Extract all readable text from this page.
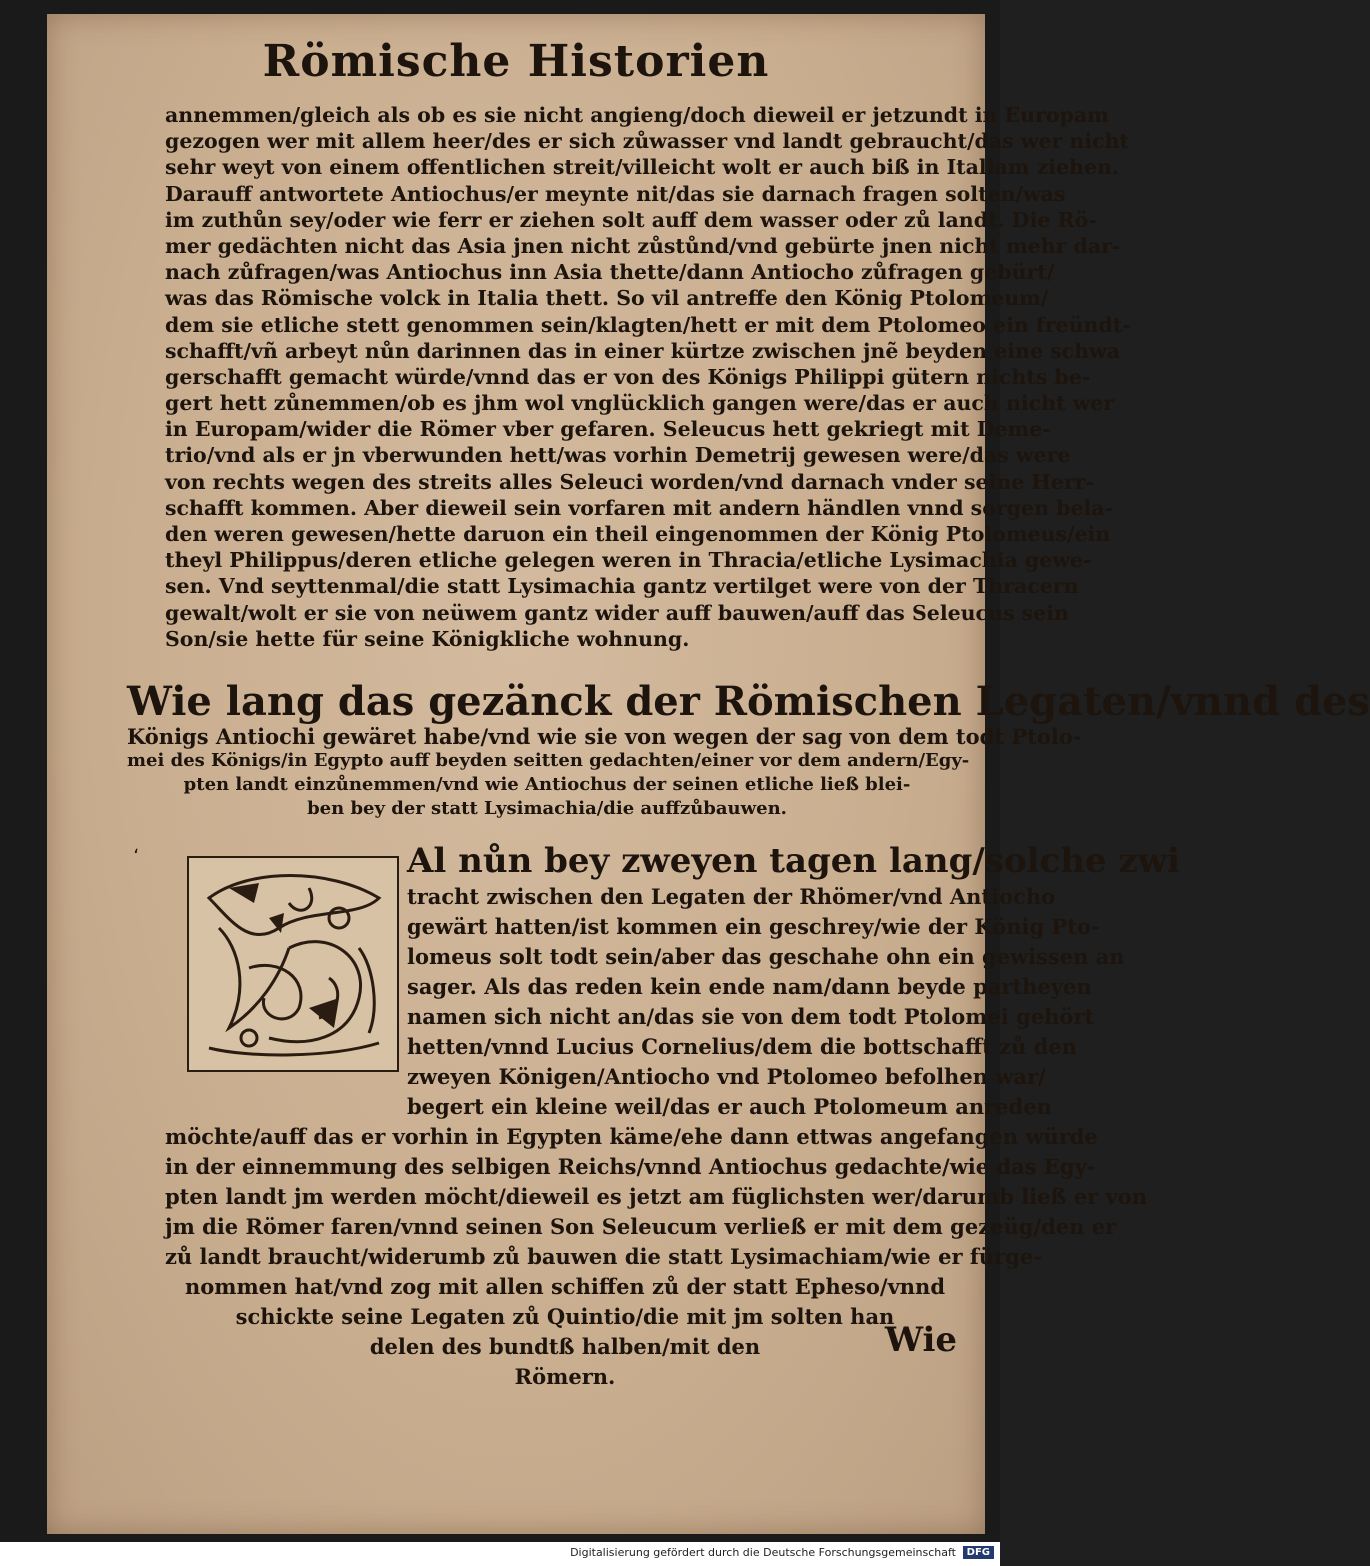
Römische Historien
annemmen/gleich als ob es sie nicht angieng/doch dieweil er jetzundt in Europam
gezogen wer mit allem heer/des er sich zůwasser vnd landt gebraucht/das wer nicht
sehr weyt von einem offentlichen streit/villeicht wolt er auch biß in Italiam ziehen.
Darauff antwortete Antiochus/er meynte nit/das sie darnach fragen solten/was
im zuthůn sey/oder wie ferr er ziehen solt auff dem wasser oder zů landt. Die Rö-
mer gedächten nicht das Asia jnen nicht zůstůnd/vnd gebürte jnen nicht mehr dar-
nach zůfragen/was Antiochus inn Asia thette/dann Antiocho zůfragen gebürt/
was das Römische volck in Italia thett. So vil antreffe den König Ptolomeum/
dem sie etliche stett genommen sein/klagten/hett er mit dem Ptolomeo ein freündt-
schafft/vñ arbeyt nůn darinnen das in einer kürtze zwischen jnẽ beyden eine schwa
gerschafft gemacht würde/vnnd das er von des Königs Philippi gütern nichts be-
gert hett zůnemmen/ob es jhm wol vnglücklich gangen were/das er auch nicht wer
in Europam/wider die Römer vber gefaren. Seleucus hett gekriegt mit Deme-
trio/vnd als er jn vberwunden hett/was vorhin Demetrij gewesen were/das were
von rechts wegen des streits alles Seleuci worden/vnd darnach vnder seine Herr-
schafft kommen. Aber dieweil sein vorfaren mit andern händlen vnnd sorgen bela-
den weren gewesen/hette daruon ein theil eingenommen der König Ptolomeus/ein
theyl Philippus/deren etliche gelegen weren in Thracia/etliche Lysimachia gewe-
sen. Vnd seyttenmal/die statt Lysimachia gantz vertilget were von der Thracern
gewalt/wolt er sie von neüwem gantz wider auff bauwen/auff das Seleucus sein
Son/sie hette für seine Königkliche wohnung.
Wie lang das gezänck der Römischen Legaten/vnnd des
Königs Antiochi gewäret habe/vnd wie sie von wegen der sag von dem todt Ptolo-
mei des Königs/in Egypto auff beyden seitten gedachten/einer vor dem andern/Egy-
pten landt einzůnemmen/vnd wie Antiochus der seinen etliche ließ blei-
ben bey der statt Lysimachia/die auffzůbauwen.
،	Al nůn bey zweyen tagen lang/solche zwi
tracht zwischen den Legaten der Rhömer/vnd Antiocho
gewärt hatten/ist kommen ein geschrey/wie der König Pto-
lomeus solt todt sein/aber das geschahe ohn ein gewissen an
sager. Als das reden kein ende nam/dann beyde partheyen
namen sich nicht an/das sie von dem todt Ptolomei gehört
hetten/vnnd Lucius Cornelius/dem die bottschafft zů den
zweyen Königen/Antiocho vnd Ptolomeo befolhen war/
begert ein kleine weil/das er auch Ptolomeum anreden
möchte/auff das er vorhin in Egypten käme/ehe dann ettwas angefangen würde
in der einnemmung des selbigen Reichs/vnnd Antiochus gedachte/wie das Egy-
pten landt jm werden möcht/dieweil es jetzt am füglichsten wer/darumb ließ er von
jm die Römer faren/vnnd seinen Son Seleucum verließ er mit dem gezeüg/den er
zů landt braucht/widerumb zů bauwen die statt Lysimachiam/wie er fürge-
nommen hat/vnd zog mit allen schiffen zů der statt Epheso/vnnd
schickte seine Legaten zů Quintio/die mit jm solten han
delen des bundtß halben/mit den
Römern.
Wie
Digitalisierung gefördert durch die Deutsche Forschungsgemeinschaft	DFG
